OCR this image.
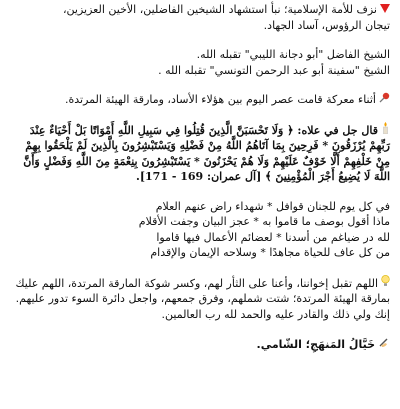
نزف للأمة الإسلامية؛ نبأ استشهاد الشيخين الفاضلين، الأخين العزيزين،
تيجان الرؤوس، آساد الجهاد.
الشيخ الفاضل "أبو دجانة الليبي" تقبله الله.
الشيخ "سفينة أبو عبد الرحمن التونسي" تقبله الله .
أثناء معركة قامت عصر اليوم بين هؤلاء الأساد، ومارقة الهيئة المرتدة.
قال جل في علاه: ﴿ وَلَا تَحْسَبَنَّ الَّذِينَ قُتِلُوا فِي سَبِيلِ اللَّهِ أَمْوَاتًا بَلْ أَحْيَاءٌ عِنْدَ رَبِّهِمْ يُرْزَقُونَ * فَرِحِينَ بِمَا آتَاهُمُ اللَّهُ مِنْ فَضْلِهِ وَيَسْتَبْشِرُونَ بِالَّذِينَ لَمْ يَلْحَقُوا بِهِمْ مِنْ خَلْفِهِمْ أَلَّا خَوْفٌ عَلَيْهِمْ وَلَا هُمْ يَحْزَنُونَ * يَسْتَبْشِرُونَ بِنِعْمَةٍ مِنَ اللَّهِ وَفَضْلٍ وَأَنَّ اللَّهَ لَا يُضِيعُ أَجْرَ الْمُؤْمِنِينَ ﴾ [آل عمران: 169 - 171].
في كل يوم للجنان قوافل * شهداء راض عنهم العلام
ماذا أقول بوصف ما قاموا به * عجز البيان وجفت الأقلام
لله در ضياغم من أسدنا * لعضائم الأعمال فيها قاموا
من كل عاف للحياة مجاهدًا * وسلاحه الإيمان والإقدام
اللهم تقبل إخواننا، وأعنا على الثأر لهم، وكسر شوكة المارقة المرتدة، اللهم عليك بمارقة الهيئة المرتدة؛ شتت شملهم، وفرق جمعهم، واجعل دائرة السوء تدور عليهم.
إنك ولي ذلك والقادر عليه والحمد لله رب العالمين.
خَيَّالُ المَنهَجِ؛ الشّامي.
